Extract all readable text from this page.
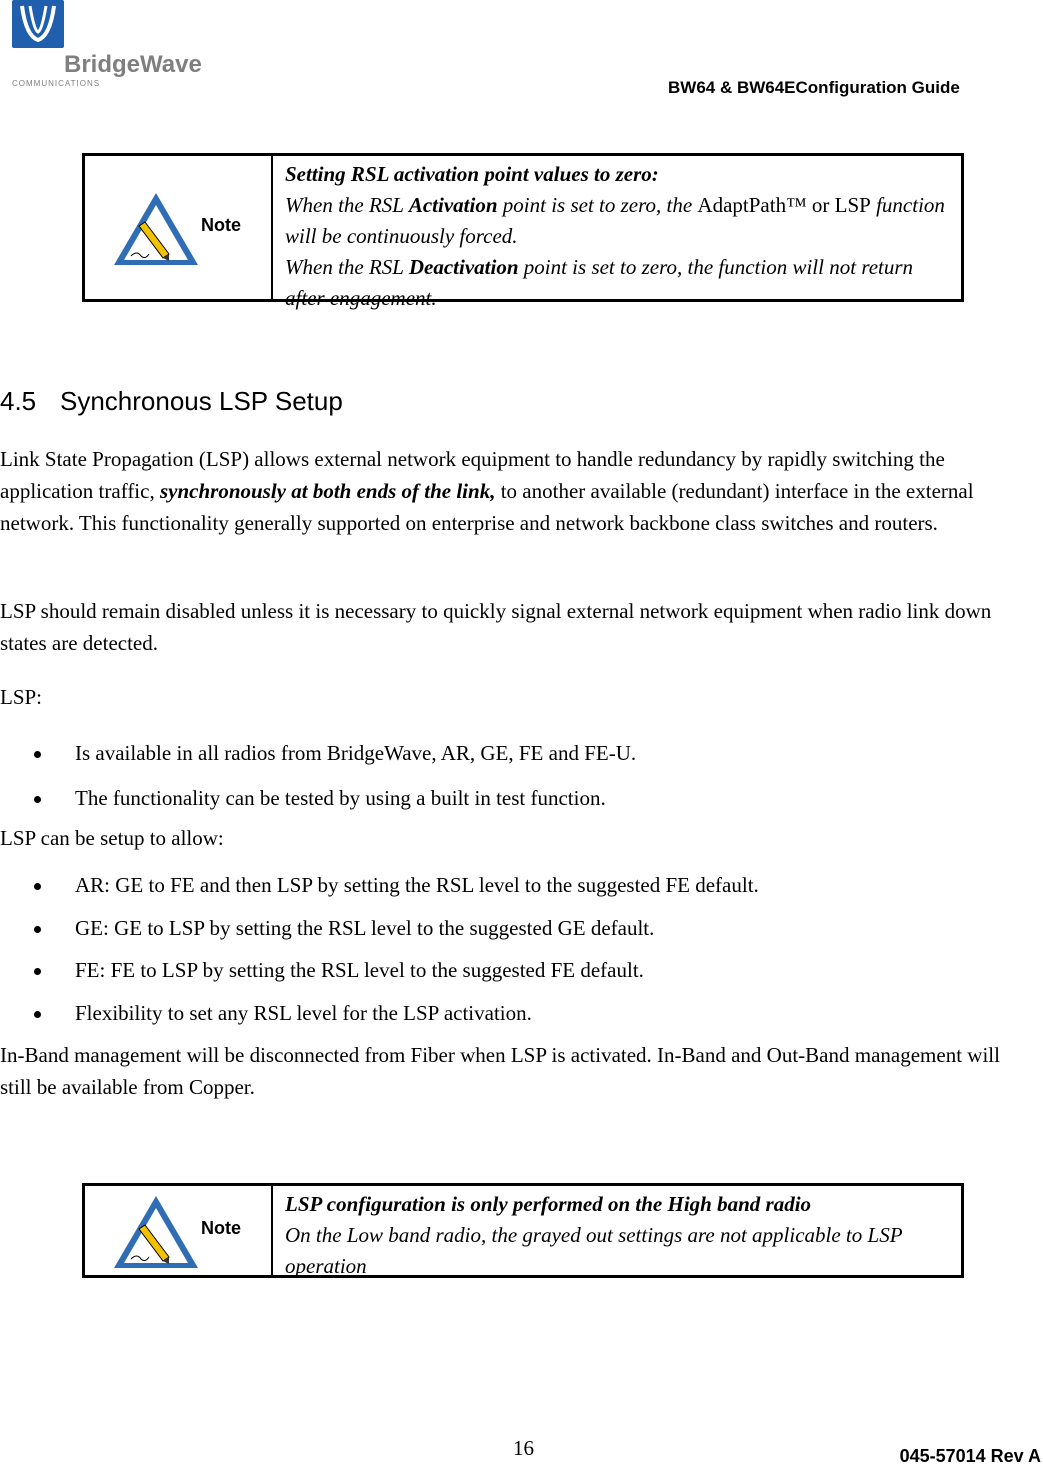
BridgeWave
COMMUNICATIONS	BW64 & BW64EConfiguration Guide
Note
Setting RSL activation point values to zero:
When the RSL Activation point is set to zero, the AdaptPath™ or LSP function will be continuously forced.
When the RSL Deactivation point is set to zero, the function will not return after engagement.
4.5 Synchronous LSP Setup
Link State Propagation (LSP) allows external network equipment to handle redundancy by rapidly switching the application traffic, synchronously at both ends of the link, to another available (redundant) interface in the external network. This functionality generally supported on enterprise and network backbone class switches and routers.
LSP should remain disabled unless it is necessary to quickly signal external network equipment when radio link down states are detected.
LSP:
Is available in all radios from BridgeWave, AR, GE, FE and FE-U.
The functionality can be tested by using a built in test function.
LSP can be setup to allow:
AR: GE to FE and then LSP by setting the RSL level to the suggested FE default.
GE: GE to LSP by setting the RSL level to the suggested GE default.
FE: FE to LSP by setting the RSL level to the suggested FE default.
Flexibility to set any RSL level for the LSP activation.
In-Band management will be disconnected from Fiber when LSP is activated. In-Band and Out-Band management will still be available from Copper.
Note
LSP configuration is only performed on the High band radio
On the Low band radio, the grayed out settings are not applicable to LSP operation
16	045-57014 Rev A
